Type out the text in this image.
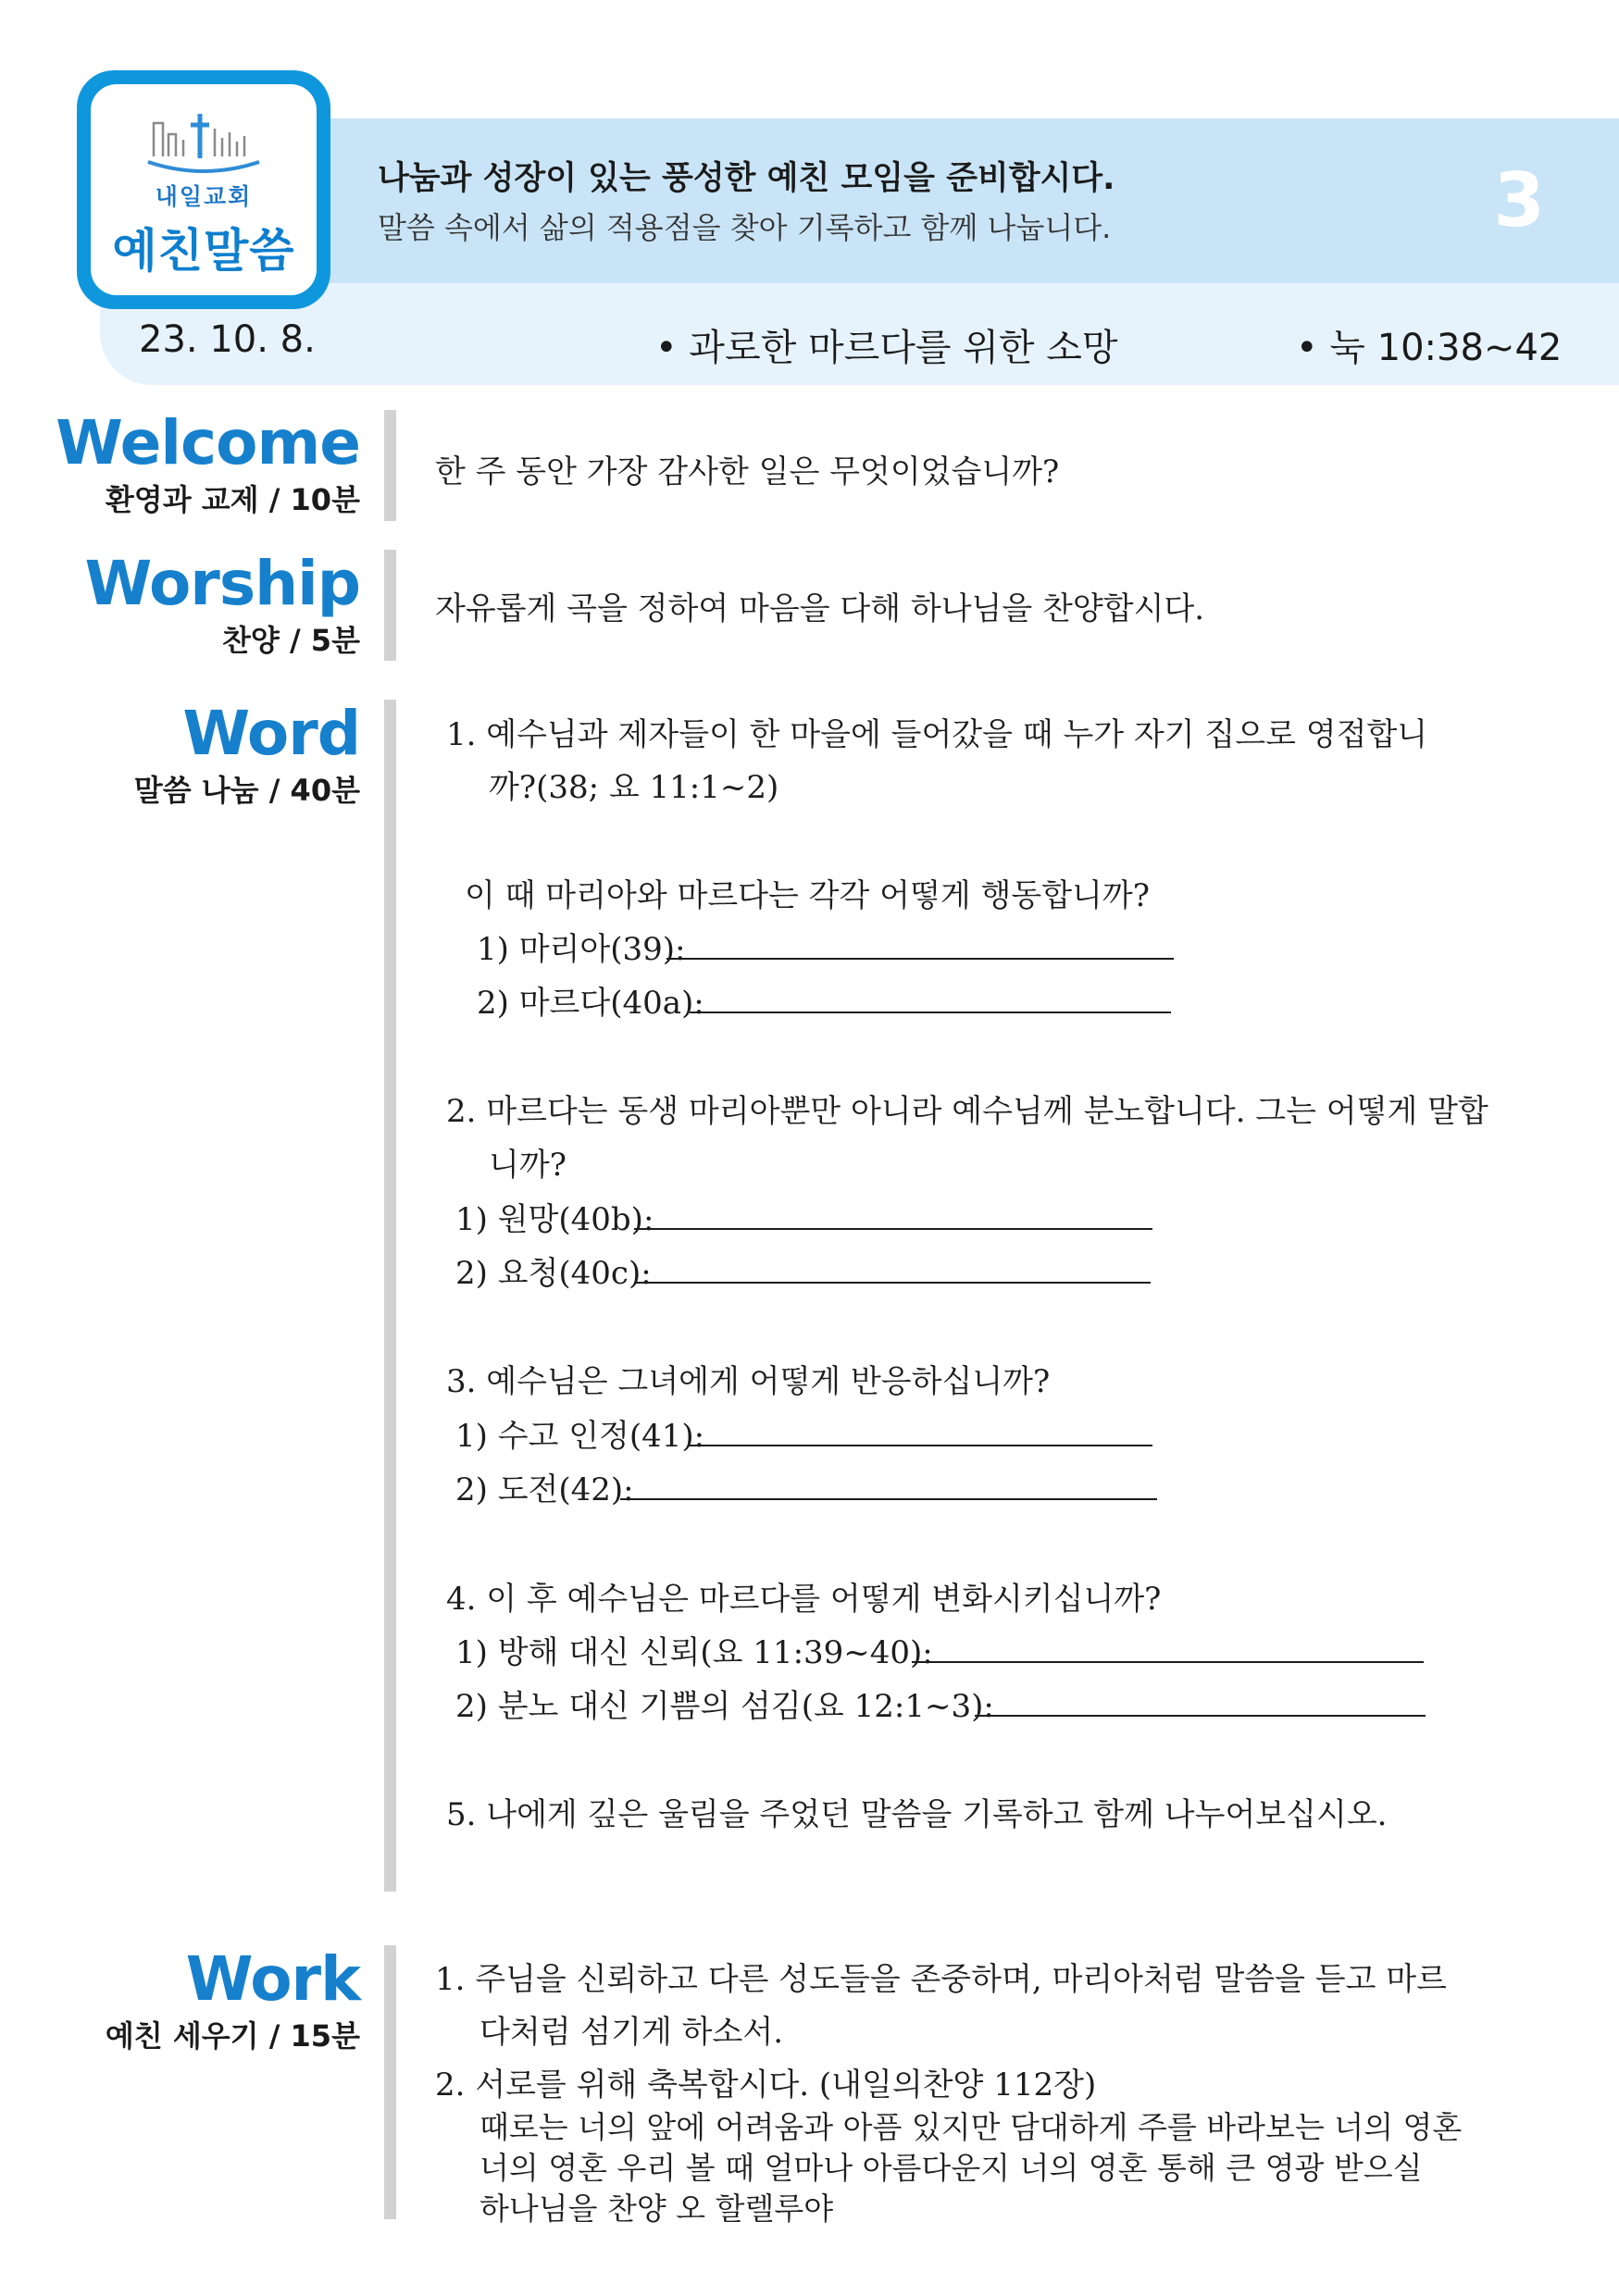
내일교회
예친말씀
나눔과 성장이 있는 풍성한 예친 모임을 준비합시다.
말씀 속에서 삶의 적용점을 찾아 기록하고 함께 나눕니다.	3
23. 10. 8.	• 과로한 마르다를 위한 소망	• 눅 10:38~42
Welcome
환영과 교제 / 10분
한 주 동안 가장 감사한 일은 무엇이었습니까?
Worship
찬양 / 5분
자유롭게 곡을 정하여 마음을 다해 하나님을 찬양합시다.
Word
말씀 나눔 / 40분
1. 예수님과 제자들이 한 마을에 들어갔을 때 누가 자기 집으로 영접합니
까?(38; 요 11:1~2)
이 때 마리아와 마르다는 각각 어떻게 행동합니까?
1) 마리아(39):
2) 마르다(40a):
2. 마르다는 동생 마리아뿐만 아니라 예수님께 분노합니다. 그는 어떻게 말합
니까?
1) 원망(40b):
2) 요청(40c):
3. 예수님은 그녀에게 어떻게 반응하십니까?
1) 수고 인정(41):
2) 도전(42):
4. 이 후 예수님은 마르다를 어떻게 변화시키십니까?
1) 방해 대신 신뢰(요 11:39~40):
2) 분노 대신 기쁨의 섬김(요 12:1~3):
5. 나에게 깊은 울림을 주었던 말씀을 기록하고 함께 나누어보십시오.
Work
예친 세우기 / 15분
1. 주님을 신뢰하고 다른 성도들을 존중하며, 마리아처럼 말씀을 듣고 마르
다처럼 섬기게 하소서.
2. 서로를 위해 축복합시다. (내일의찬양 112장)
때로는 너의 앞에 어려움과 아픔 있지만 담대하게 주를 바라보는 너의 영혼
너의 영혼 우리 볼 때 얼마나 아름다운지 너의 영혼 통해 큰 영광 받으실
하나님을 찬양 오 할렐루야
